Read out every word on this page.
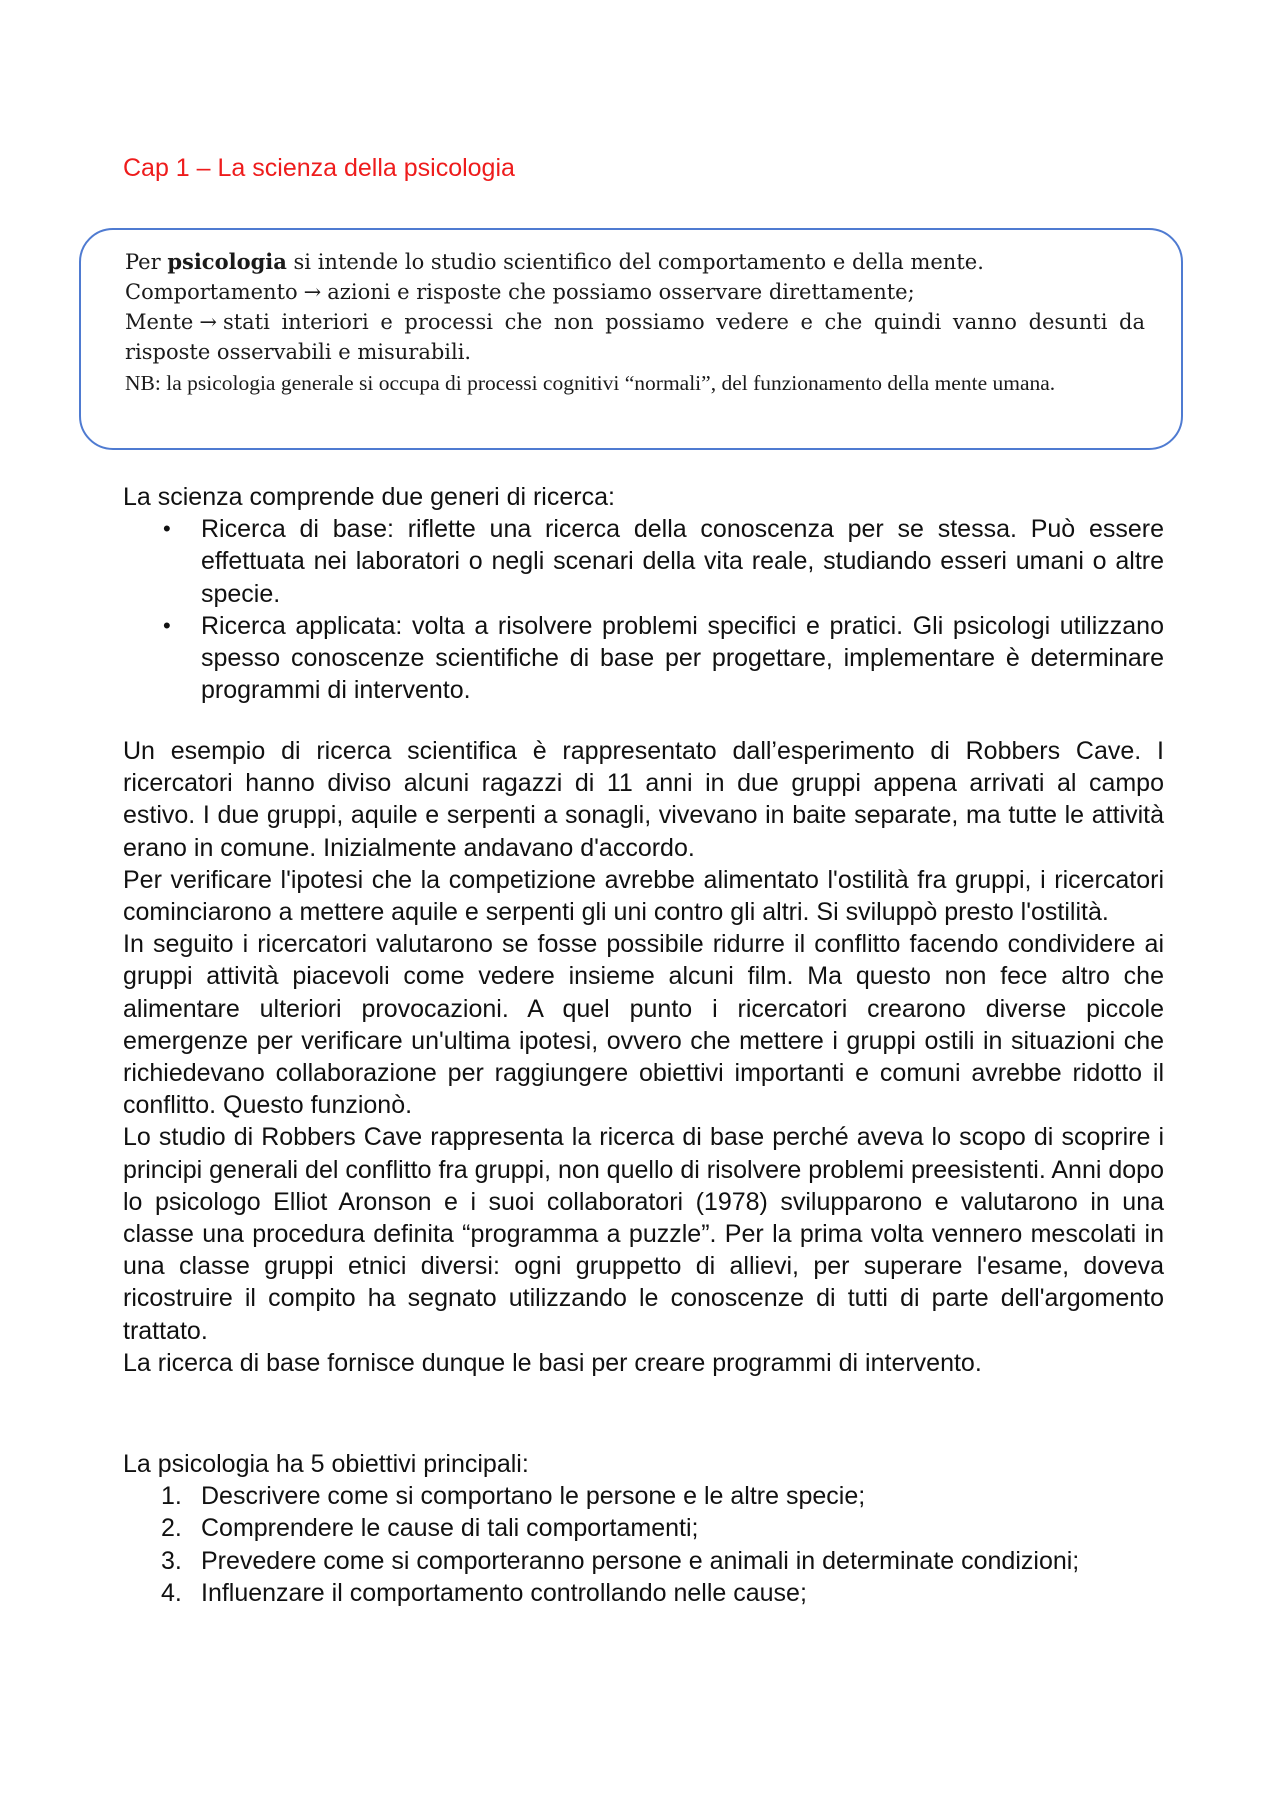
Cap 1 – La scienza della psicologia

Per psicologia si intende lo studio scientifico del comportamento e della mente.

Comportamento → azioni e risposte che possiamo osservare direttamente;

Mente → stati interiori e processi che non possiamo vedere e che quindi vanno desunti da risposte osservabili e misurabili.

NB: la psicologia generale si occupa di processi cognitivi “normali”, del funzionamento della mente umana.

La scienza comprende due generi di ricerca:

• Ricerca di base: riflette una ricerca della conoscenza per se stessa. Può essere effettuata nei laboratori o negli scenari della vita reale, studiando esseri umani o altre specie.
• Ricerca applicata: volta a risolvere problemi specifici e pratici. Gli psicologi utilizzano spesso conoscenze scientifiche di base per progettare, implementare è determinare programmi di intervento.

Un esempio di ricerca scientifica è rappresentato dall’esperimento di Robbers Cave. I ricercatori hanno diviso alcuni ragazzi di 11 anni in due gruppi appena arrivati al campo estivo. I due gruppi, aquile e serpenti a sonagli, vivevano in baite separate, ma tutte le attività erano in comune. Inizialmente andavano d'accordo.

Per verificare l'ipotesi che la competizione avrebbe alimentato l'ostilità fra gruppi, i ricercatori cominciarono a mettere aquile e serpenti gli uni contro gli altri. Si sviluppò presto l'ostilità.

In seguito i ricercatori valutarono se fosse possibile ridurre il conflitto facendo condividere ai gruppi attività piacevoli come vedere insieme alcuni film. Ma questo non fece altro che alimentare ulteriori provocazioni. A quel punto i ricercatori crearono diverse piccole emergenze per verificare un'ultima ipotesi, ovvero che mettere i gruppi ostili in situazioni che richiedevano collaborazione per raggiungere obiettivi importanti e comuni avrebbe ridotto il conflitto. Questo funzionò.

Lo studio di Robbers Cave rappresenta la ricerca di base perché aveva lo scopo di scoprire i principi generali del conflitto fra gruppi, non quello di risolvere problemi preesistenti. Anni dopo lo psicologo Elliot Aronson e i suoi collaboratori (1978) svilupparono e valutarono in una classe una procedura definita “programma a puzzle”. Per la prima volta vennero mescolati in una classe gruppi etnici diversi: ogni gruppetto di allievi, per superare l'esame, doveva ricostruire il compito ha segnato utilizzando le conoscenze di tutti di parte dell'argomento trattato.

La ricerca di base fornisce dunque le basi per creare programmi di intervento.

La psicologia ha 5 obiettivi principali:

1. Descrivere come si comportano le persone e le altre specie;
2. Comprendere le cause di tali comportamenti;
3. Prevedere come si comporteranno persone e animali in determinate condizioni;
4. Influenzare il comportamento controllando nelle cause;
